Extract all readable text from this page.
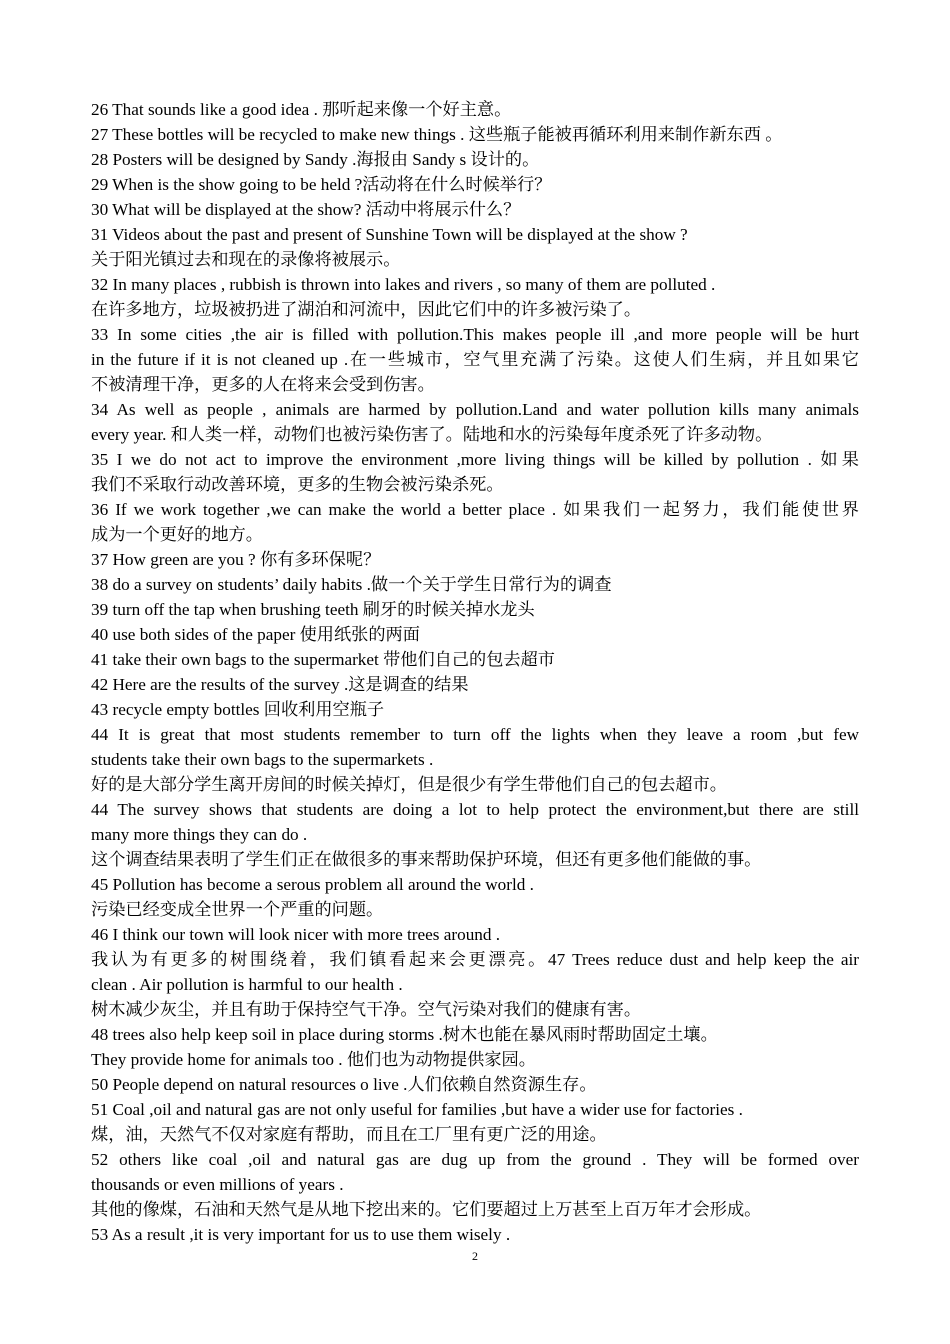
26 That sounds like a good idea . 那听起来像一个好主意。
27 These bottles will be recycled to make new things . 这些瓶子能被再循环利用来制作新东西 。
28 Posters will be designed by Sandy .海报由 Sandy s 设计的。
29 When is the show going to be held ?活动将在什么时候举行？
30 What will be displayed at the show? 活动中将展示什么？
31 Videos about the past and present of Sunshine Town will be displayed at the show ?
关于阳光镇过去和现在的录像将被展示。
32 In many places , rubbish is thrown into lakes and rivers , so many of them are polluted .
在许多地方，垃圾被扔进了湖泊和河流中，因此它们中的许多被污染了。
33 In some cities ,the air is filled with pollution.This makes people ill ,and more people will be hurt
in the future if it is not cleaned up .在一些城市，空气里充满了污染。这使人们生病，并且如果它
不被清理干净，更多的人在将来会受到伤害。
34 As well as people , animals are harmed by pollution.Land and water pollution kills many animals
every year. 和人类一样，动物们也被污染伤害了。陆地和水的污染每年度杀死了许多动物。
35 I we do not act to improve the environment ,more living things will be killed by pollution . 如果
我们不采取行动改善环境，更多的生物会被污染杀死。
36 If we work together ,we can make the world a better place . 如果我们一起努力，我们能使世界
成为一个更好的地方。
37 How green are you ? 你有多环保呢？
38 do a survey on students’ daily habits .做一个关于学生日常行为的调查
39 turn off the tap when brushing teeth 刷牙的时候关掉水龙头
40 use both sides of the paper 使用纸张的两面
41 take their own bags to the supermarket 带他们自己的包去超市
42 Here are the results of the survey .这是调查的结果
43 recycle empty bottles 回收利用空瓶子
44 It is great that most students remember to turn off the lights when they leave a room ,but few
students take their own bags to the supermarkets .
好的是大部分学生离开房间的时候关掉灯，但是很少有学生带他们自己的包去超市。
44 The survey shows that students are doing a lot to help protect the environment,but there are still
many more things they can do .
这个调查结果表明了学生们正在做很多的事来帮助保护环境，但还有更多他们能做的事。
45 Pollution has become a serous problem all around the world .
污染已经变成全世界一个严重的问题。
46 I think our town will look nicer with more trees around .
我认为有更多的树围绕着，我们镇看起来会更漂亮。47 Trees reduce dust and help keep the air
clean . Air pollution is harmful to our health .
树木减少灰尘，并且有助于保持空气干净。空气污染对我们的健康有害。
48 trees also help keep soil in place during storms .树木也能在暴风雨时帮助固定土壤。
They provide home for animals too . 他们也为动物提供家园。
50 People depend on natural resources o live .人们依赖自然资源生存。
51 Coal ,oil and natural gas are not only useful for families ,but have a wider use for factories .
煤，油，天然气不仅对家庭有帮助，而且在工厂里有更广泛的用途。
52 others like coal ,oil and natural gas are dug up from the ground . They will be formed over
thousands or even millions of years .
其他的像煤，石油和天然气是从地下挖出来的。它们要超过上万甚至上百万年才会形成。
53 As a result ,it is very important for us to use them wisely .
2
